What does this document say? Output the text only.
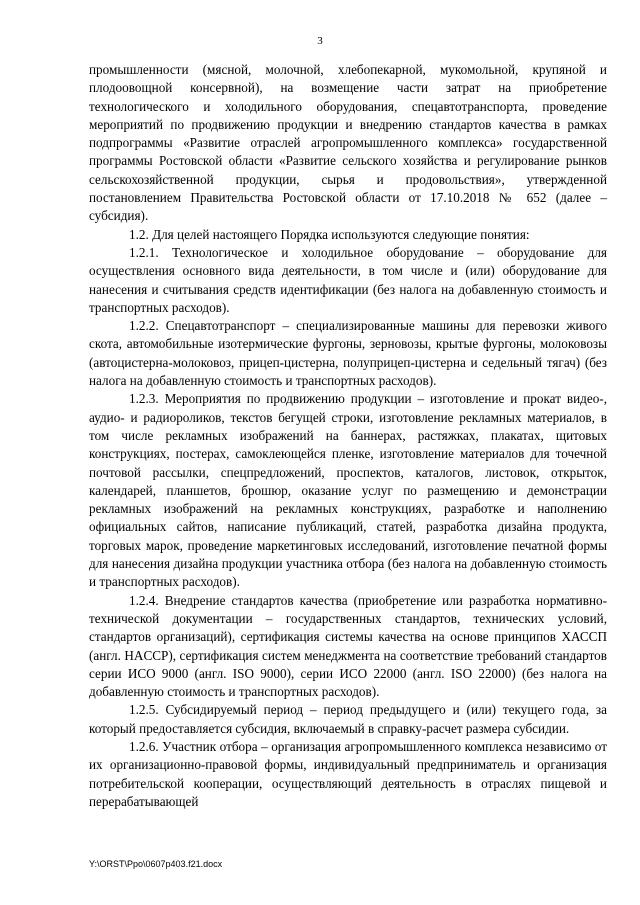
3

промышленности (мясной, молочной, хлебопекарной, мукомольной, крупяной и плодоовощной консервной), на возмещение части затрат на приобретение технологического и холодильного оборудования, спецавтотранспорта, проведение мероприятий по продвижению продукции и внедрению стандартов качества в рамках подпрограммы «Развитие отраслей агропромышленного комплекса» государственной программы Ростовской области «Развитие сельского хозяйства и регулирование рынков сельскохозяйственной продукции, сырья и продовольствия», утвержденной постановлением Правительства Ростовской области от 17.10.2018 № 652 (далее – субсидия).

1.2. Для целей настоящего Порядка используются следующие понятия:

1.2.1. Технологическое и холодильное оборудование – оборудование для осуществления основного вида деятельности, в том числе и (или) оборудование для нанесения и считывания средств идентификации (без налога на добавленную стоимость и транспортных расходов).

1.2.2. Спецавтотранспорт – специализированные машины для перевозки живого скота, автомобильные изотермические фургоны, зерновозы, крытые фургоны, молоковозы (автоцистерна-молоковоз, прицеп-цистерна, полуприцеп-цистерна и седельный тягач) (без налога на добавленную стоимость и транспортных расходов).

1.2.3. Мероприятия по продвижению продукции – изготовление и прокат видео-, аудио- и радиороликов, текстов бегущей строки, изготовление рекламных материалов, в том числе рекламных изображений на баннерах, растяжках, плакатах, щитовых конструкциях, постерах, самоклеющейся пленке, изготовление материалов для точечной почтовой рассылки, спецпредложений, проспектов, каталогов, листовок, открыток, календарей, планшетов, брошюр, оказание услуг по размещению и демонстрации рекламных изображений на рекламных конструкциях, разработке и наполнению официальных сайтов, написание публикаций, статей, разработка дизайна продукта, торговых марок, проведение маркетинговых исследований, изготовление печатной формы для нанесения дизайна продукции участника отбора (без налога на добавленную стоимость и транспортных расходов).

1.2.4. Внедрение стандартов качества (приобретение или разработка нормативно-технической документации – государственных стандартов, технических условий, стандартов организаций), сертификация системы качества на основе принципов ХАССП (англ. HACCP), сертификация систем менеджмента на соответствие требований стандартов серии ИСО 9000 (англ. ISO 9000), серии ИСО 22000 (англ. ISO 22000) (без налога на добавленную стоимость и транспортных расходов).

1.2.5. Субсидируемый период – период предыдущего и (или) текущего года, за который предоставляется субсидия, включаемый в справку-расчет размера субсидии.

1.2.6. Участник отбора – организация агропромышленного комплекса независимо от их организационно-правовой формы, индивидуальный предприниматель и организация потребительской кооперации, осуществляющий деятельность в отраслях пищевой и перерабатывающей

Y:\ORST\Ppo\0607p403.f21.docx
